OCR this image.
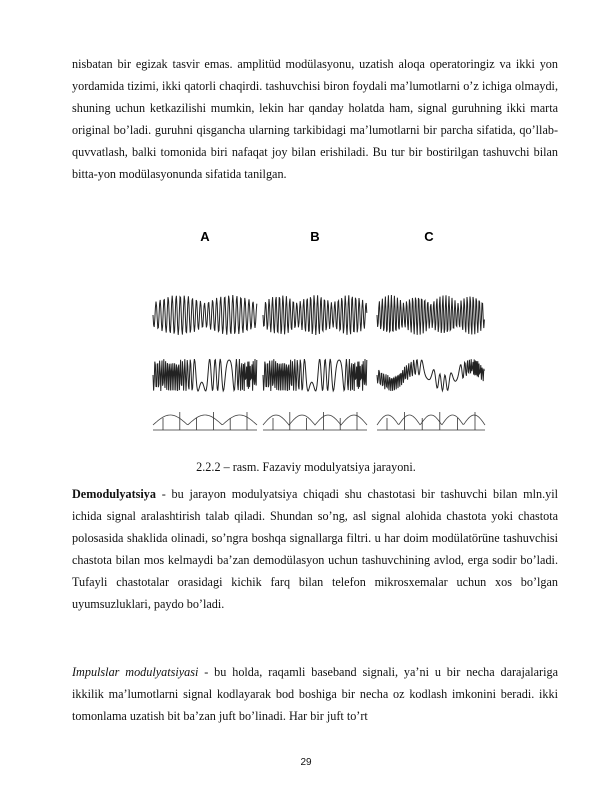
nisbatan bir egizak tasvir emas. amplitüd modülasyonu, uzatish aloqa operatoringiz va ikki yon yordamida tizimi, ikki qatorli chaqirdi. tashuvchisi biron foydali ma’lumotlarni o’z ichiga olmaydi, shuning uchun ketkazilishi mumkin, lekin har qanday holatda ham, signal guruhning ikki marta original bo’ladi. guruhni qisgancha ularning tarkibidagi ma’lumotlarni bir parcha sifatida, qo’llab-quvvatlash, balki tomonida biri nafaqat joy bilan erishiladi. Bu tur bir bostirilgan tashuvchi bilan bitta-yon modülasyonunda sifatida tanilgan.

A	B	C
2.2.2 – rasm. Fazaviy modulyatsiya jarayoni.

Demodulyatsiya - bu jarayon modulyatsiya chiqadi shu chastotasi bir tashuvchi bilan mln.yil ichida signal aralashtirish talab qiladi. Shundan so’ng, asl signal alohida chastota yoki chastota polosasida shaklida olinadi, so’ngra boshqa signallarga filtri. u har doim modülatörüne tashuvchisi chastota bilan mos kelmaydi ba’zan demodülasyon uchun tashuvchining avlod, erga sodir bo’ladi. Tufayli chastotalar orasidagi kichik farq bilan telefon mikrosxemalar uchun xos bo’lgan uyumsuzluklari, paydo bo’ladi.

Impulslar modulyatsiyasi - bu holda, raqamli baseband signali, ya’ni u bir necha darajalariga ikkilik ma’lumotlarni signal kodlayarak bod boshiga bir necha oz kodlash imkonini beradi. ikki tomonlama uzatish bit ba’zan juft bo’linadi. Har bir juft to’rt

29
